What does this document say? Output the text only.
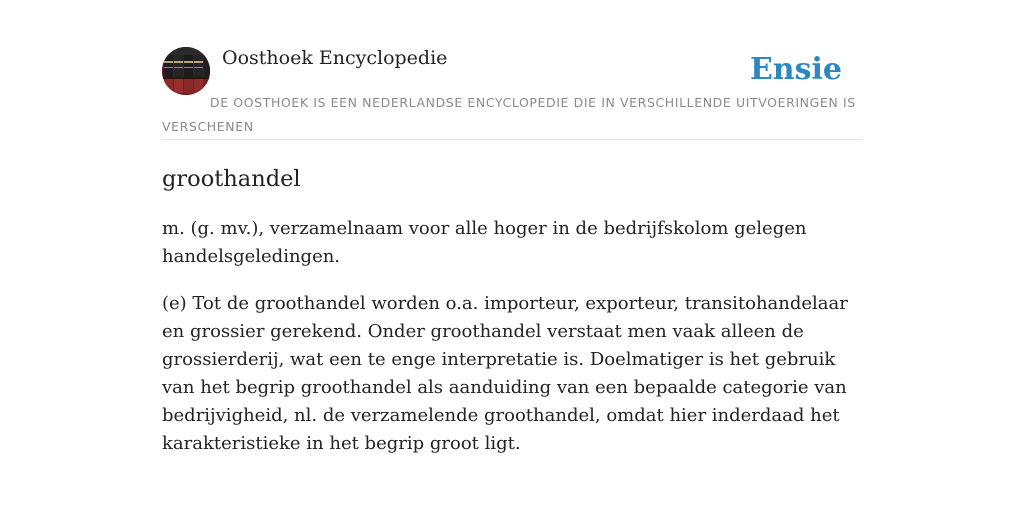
Oosthoek Encyclopedie	Ensie
DE OOSTHOEK IS EEN NEDERLANDSE ENCYCLOPEDIE DIE IN VERSCHILLENDE UITVOERINGEN IS VERSCHENEN
groothandel

m. (g. mv.), verzamelnaam voor alle hoger in de bedrijfskolom gelegen handelsgeledingen.

(e) Tot de groothandel worden o.a. importeur, exporteur, transitohandelaar en grossier gerekend. Onder groothandel verstaat men vaak alleen de grossierderij, wat een te enge interpretatie is. Doelmatiger is het gebruik van het begrip groothandel als aanduiding van een bepaalde categorie van bedrijvigheid, nl. de verzamelende groothandel, omdat hier inderdaad het karakteristieke in het begrip groot ligt.
